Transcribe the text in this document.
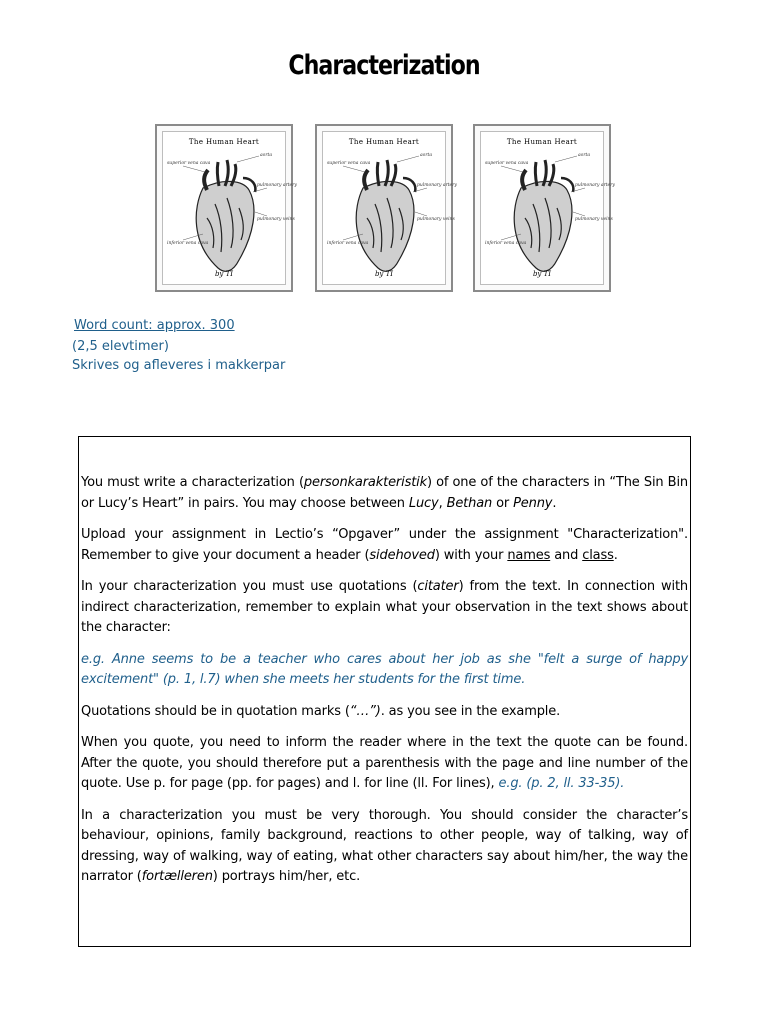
Characterization
The Human Heart
aorta
superior vena cava
pulmonary artery
pulmonary veins
inferior vena cava
by TI
The Human Heart
aorta
superior vena cava
pulmonary artery
pulmonary veins
inferior vena cava
by TI
The Human Heart
aorta
superior vena cava
pulmonary artery
pulmonary veins
inferior vena cava
by TI
Word count: approx. 300
(2,5 elevtimer)
Skrives og afleveres i makkerpar

You must write a characterization (personkarakteristik) of one of the characters in “The Sin Bin or Lucy’s Heart” in pairs. You may choose between Lucy, Bethan or Penny.

Upload your assignment in Lectio’s “Opgaver” under the assignment "Characterization". Remember to give your document a header (sidehoved) with your names and class.

In your characterization you must use quotations (citater) from the text. In connection with indirect characterization, remember to explain what your observation in the text shows about the character:

e.g. Anne seems to be a teacher who cares about her job as she "felt a surge of happy excitement" (p. 1, l.7) when she meets her students for the first time.

Quotations should be in quotation marks (“…”). as you see in the example.

When you quote, you need to inform the reader where in the text the quote can be found. After the quote, you should therefore put a parenthesis with the page and line number of the quote. Use p. for page (pp. for pages) and l. for line (ll. For lines), e.g. (p. 2, ll. 33-35).

In a characterization you must be very thorough. You should consider the character’s behaviour, opinions, family background, reactions to other people, way of talking, way of dressing, way of walking, way of eating, what other characters say about him/her, the way the narrator (fortælleren) portrays him/her, etc.
